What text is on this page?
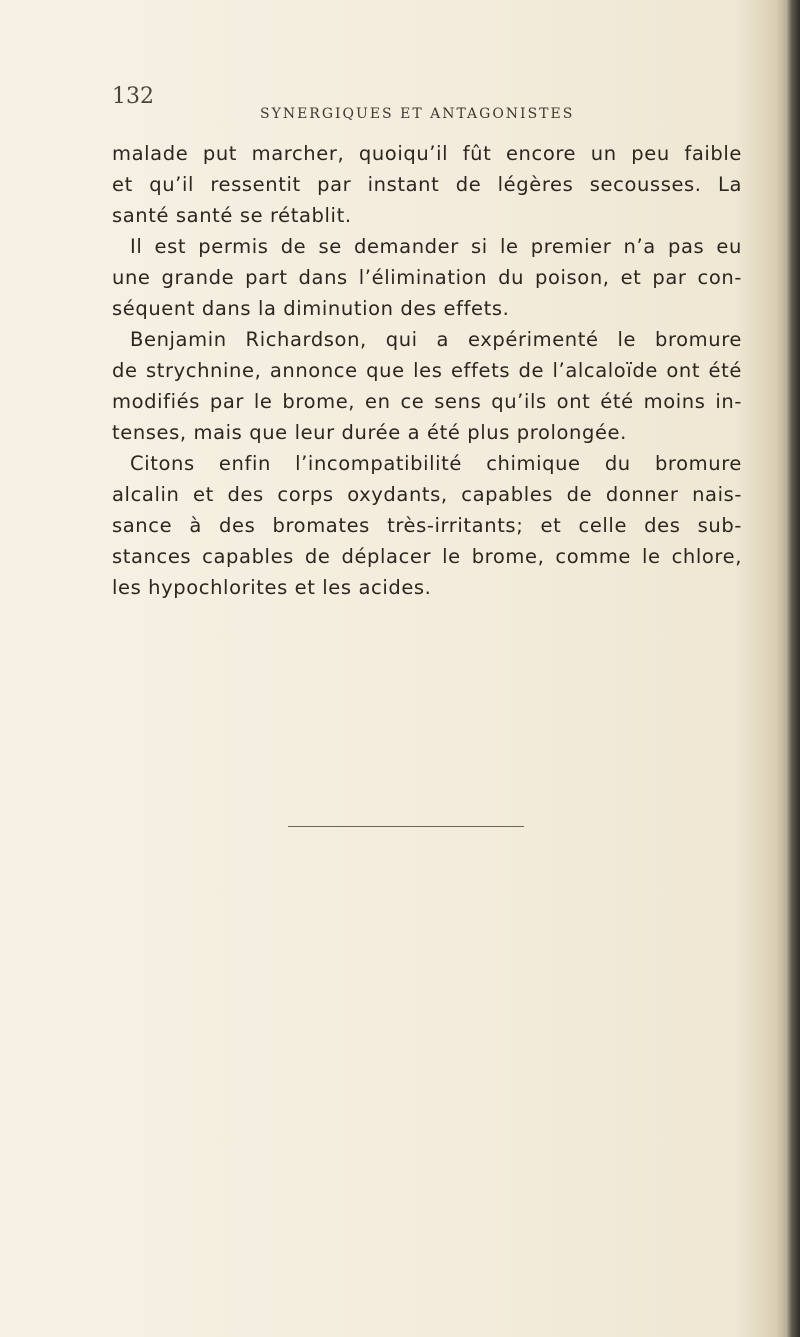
132
SYNERGIQUES ET ANTAGONISTES
malade put marcher, quoiqu’il fût encore un peu faible
et qu’il ressentit par instant de légères secousses. La
santé santé se rétablit.
Il est permis de se demander si le premier n’a pas eu
une grande part dans l’élimination du poison, et par con-
séquent dans la diminution des effets.
Benjamin Richardson, qui a expérimenté le bromure
de strychnine, annonce que les effets de l’alcaloïde ont été
modifiés par le brome, en ce sens qu’ils ont été moins in-
tenses, mais que leur durée a été plus prolongée.
Citons enfin l’incompatibilité chimique du bromure
alcalin et des corps oxydants, capables de donner nais-
sance à des bromates très-irritants; et celle des sub-
stances capables de déplacer le brome, comme le chlore,
les hypochlorites et les acides.
